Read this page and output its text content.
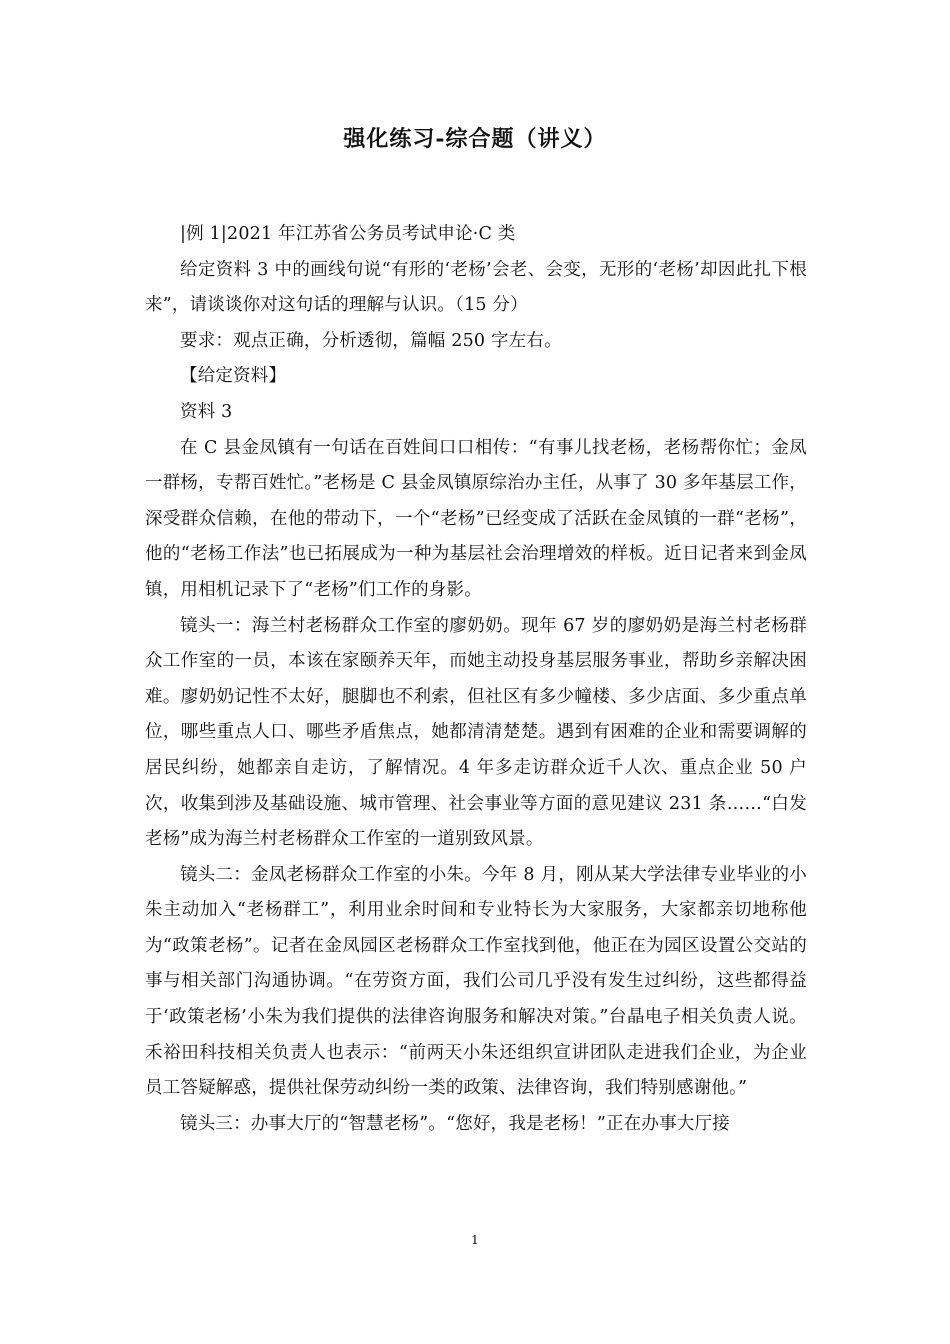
强化练习-综合题（讲义）

|例 1|2021 年江苏省公务员考试申论·C 类

给定资料 3 中的画线句说“有形的‘老杨’会老、会变，无形的‘老杨’却因此扎下根来”，请谈谈你对这句话的理解与认识。（15 分）

要求：观点正确，分析透彻，篇幅 250 字左右。

【给定资料】

资料 3

在 C 县金凤镇有一句话在百姓间口口相传：“有事儿找老杨，老杨帮你忙；金凤一群杨，专帮百姓忙。”老杨是 C 县金凤镇原综治办主任，从事了 30 多年基层工作，深受群众信赖，在他的带动下，一个“老杨”已经变成了活跃在金凤镇的一群“老杨”，他的“老杨工作法”也已拓展成为一种为基层社会治理增效的样板。近日记者来到金凤镇，用相机记录下了“老杨”们工作的身影。

镜头一：海兰村老杨群众工作室的廖奶奶。现年 67 岁的廖奶奶是海兰村老杨群众工作室的一员，本该在家颐养天年，而她主动投身基层服务事业，帮助乡亲解决困难。廖奶奶记性不太好，腿脚也不利索，但社区有多少幢楼、多少店面、多少重点单位，哪些重点人口、哪些矛盾焦点，她都清清楚楚。遇到有困难的企业和需要调解的居民纠纷，她都亲自走访，了解情况。4 年多走访群众近千人次、重点企业 50 户次，收集到涉及基础设施、城市管理、社会事业等方面的意见建议 231 条……“白发老杨”成为海兰村老杨群众工作室的一道别致风景。

镜头二：金凤老杨群众工作室的小朱。今年 8 月，刚从某大学法律专业毕业的小朱主动加入“老杨群工”，利用业余时间和专业特长为大家服务，大家都亲切地称他为“政策老杨”。记者在金凤园区老杨群众工作室找到他，他正在为园区设置公交站的事与相关部门沟通协调。“在劳资方面，我们公司几乎没有发生过纠纷，这些都得益于‘政策老杨’小朱为我们提供的法律咨询服务和解决对策。”台晶电子相关负责人说。禾裕田科技相关负责人也表示：“前两天小朱还组织宣讲团队走进我们企业，为企业员工答疑解惑，提供社保劳动纠纷一类的政策、法律咨询，我们特别感谢他。”

镜头三：办事大厅的“智慧老杨”。“您好，我是老杨！”正在办事大厅接

1
